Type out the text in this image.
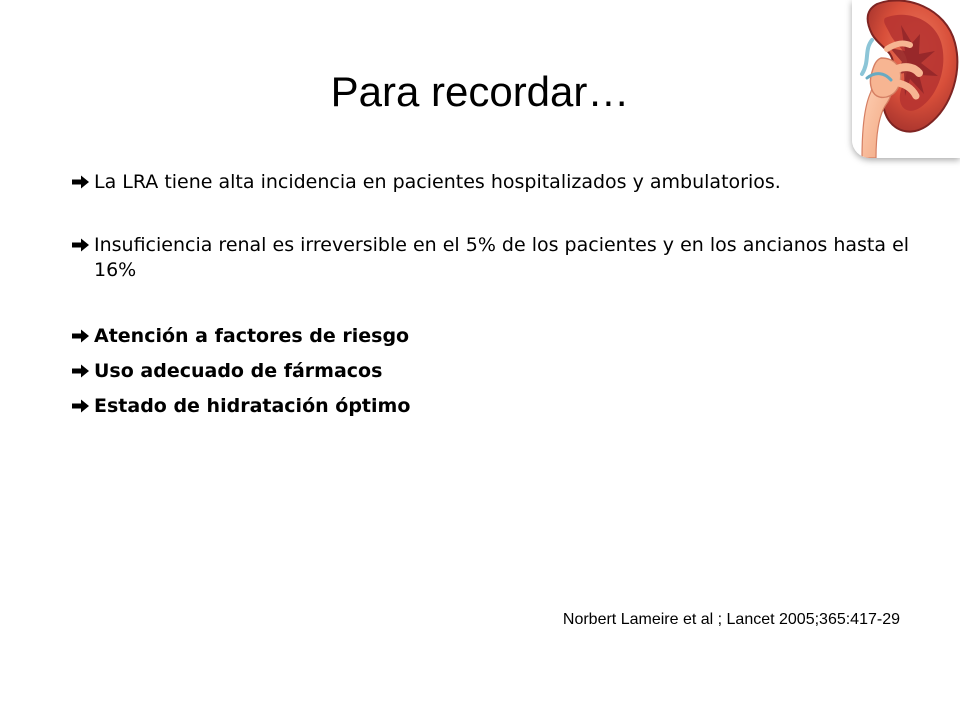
Para recordar…
La LRA tiene alta incidencia en pacientes hospitalizados y ambulatorios.
Insuficiencia renal es irreversible en el 5% de los pacientes y en los ancianos hasta el 16%
Atención a factores de riesgo
Uso adecuado de fármacos
Estado de hidratación óptimo

Norbert Lameire et al ; Lancet 2005;365:417-29
